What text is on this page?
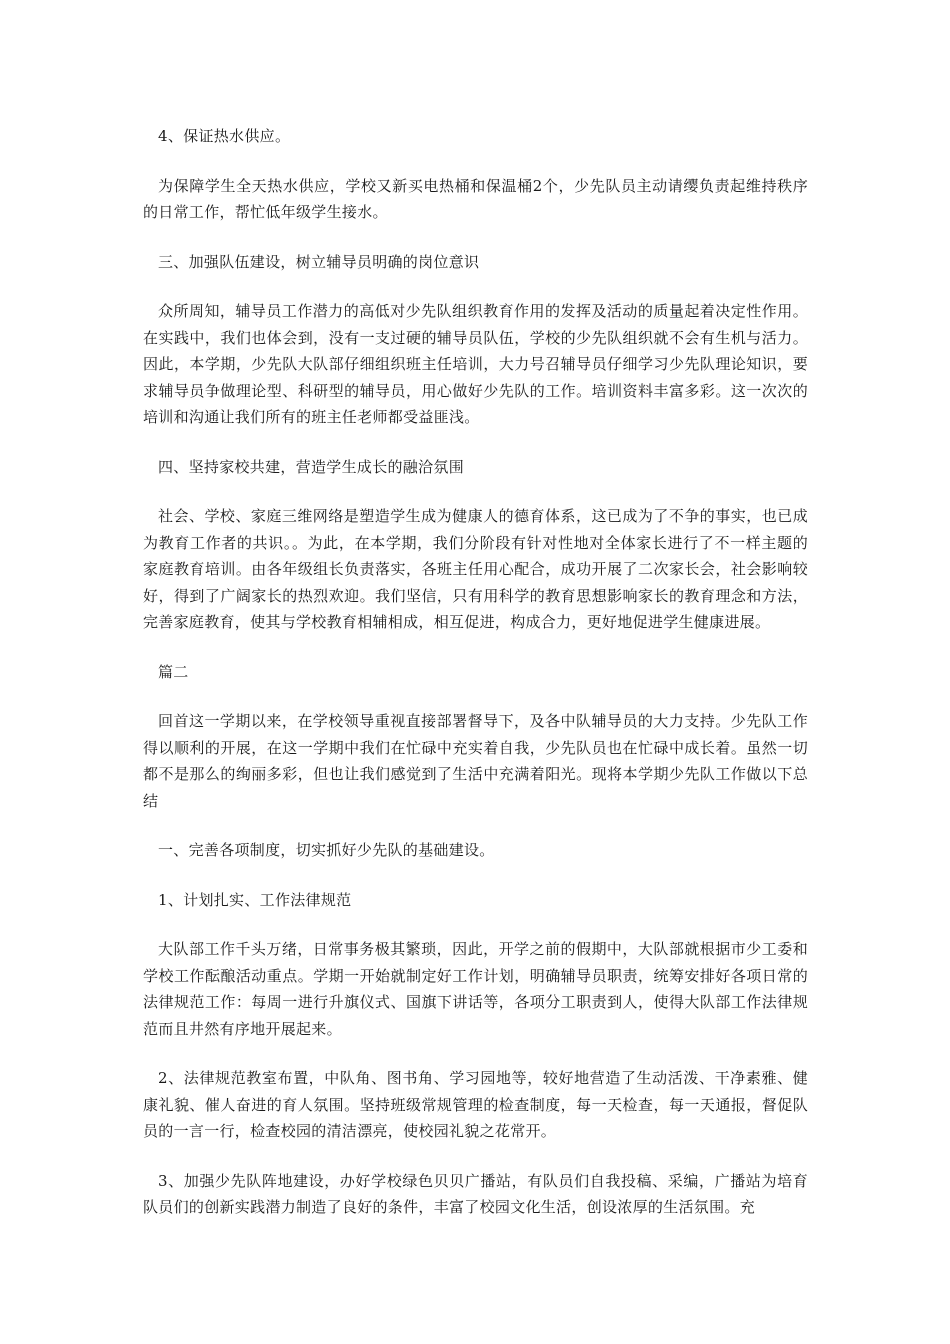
4、保证热水供应。

为保障学生全天热水供应，学校又新买电热桶和保温桶2个，少先队员主动请缨负责起维持秩序的日常工作，帮忙低年级学生接水。

三、加强队伍建设，树立辅导员明确的岗位意识

众所周知，辅导员工作潜力的高低对少先队组织教育作用的发挥及活动的质量起着决定性作用。在实践中，我们也体会到，没有一支过硬的辅导员队伍，学校的少先队组织就不会有生机与活力。因此，本学期，少先队大队部仔细组织班主任培训，大力号召辅导员仔细学习少先队理论知识，要求辅导员争做理论型、科研型的辅导员，用心做好少先队的工作。培训资料丰富多彩。这一次次的培训和沟通让我们所有的班主任老师都受益匪浅。

四、坚持家校共建，营造学生成长的融洽氛围

社会、学校、家庭三维网络是塑造学生成为健康人的德育体系，这已成为了不争的事实，也已成为教育工作者的共识。。为此，在本学期，我们分阶段有针对性地对全体家长进行了不一样主题的家庭教育培训。由各年级组长负责落实，各班主任用心配合，成功开展了二次家长会，社会影响较好，得到了广阔家长的热烈欢迎。我们坚信，只有用科学的教育思想影响家长的教育理念和方法，完善家庭教育，使其与学校教育相辅相成，相互促进，构成合力，更好地促进学生健康进展。

篇二

回首这一学期以来，在学校领导重视直接部署督导下，及各中队辅导员的大力支持。少先队工作得以顺利的开展，在这一学期中我们在忙碌中充实着自我，少先队员也在忙碌中成长着。虽然一切都不是那么的绚丽多彩，但也让我们感觉到了生活中充满着阳光。现将本学期少先队工作做以下总结

一、完善各项制度，切实抓好少先队的基础建设。

1、计划扎实、工作法律规范

大队部工作千头万绪，日常事务极其繁琐，因此，开学之前的假期中，大队部就根据市少工委和学校工作酝酿活动重点。学期一开始就制定好工作计划，明确辅导员职责，统筹安排好各项日常的法律规范工作：每周一进行升旗仪式、国旗下讲话等，各项分工职责到人，使得大队部工作法律规范而且井然有序地开展起来。

2、法律规范教室布置，中队角、图书角、学习园地等，较好地营造了生动活泼、干净素雅、健康礼貌、催人奋进的育人氛围。坚持班级常规管理的检查制度，每一天检查，每一天通报，督促队员的一言一行，检查校园的清洁漂亮，使校园礼貌之花常开。

3、加强少先队阵地建设，办好学校绿色贝贝广播站，有队员们自我投稿、采编，广播站为培育队员们的创新实践潜力制造了良好的条件，丰富了校园文化生活，创设浓厚的生活氛围。充
